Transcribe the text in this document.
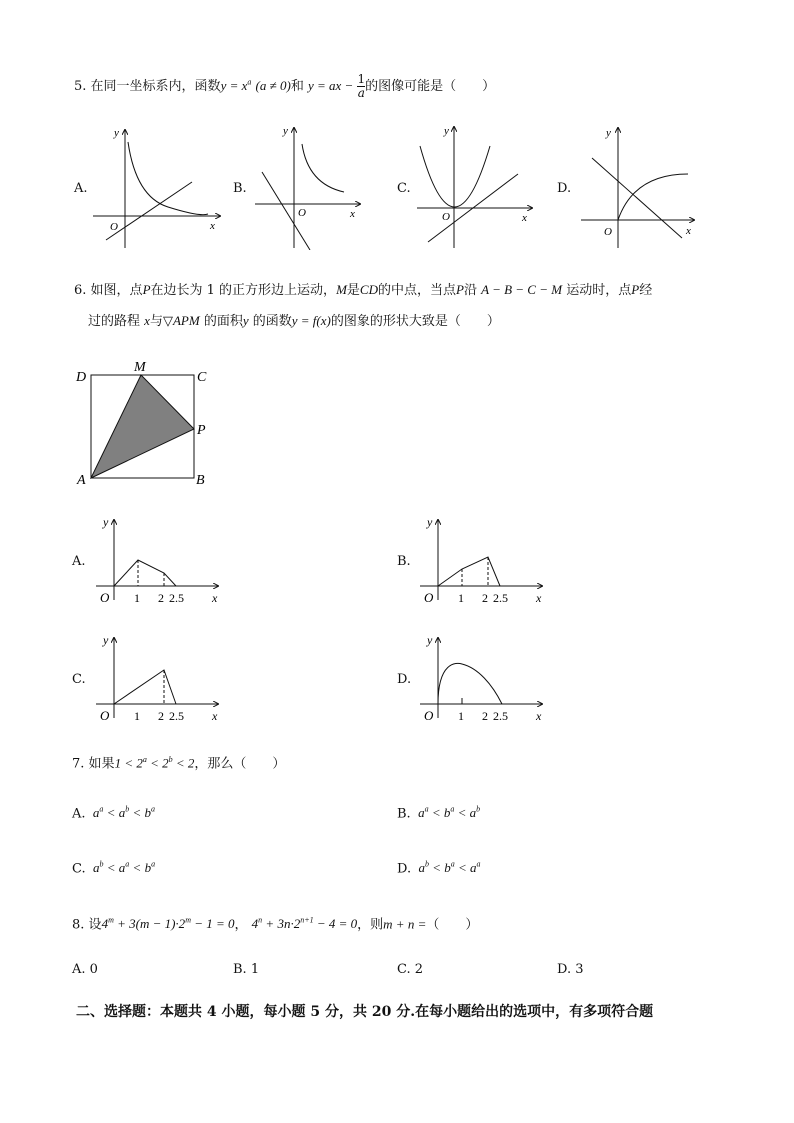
5. 在同一坐标系内，函数$y = x^a$ (a ≠ 0)和 y = ax − $\frac{1}{a}$ 的图像可能是（　　）
A.	B.	C.	D.
y
O	x
y
O	x
y
O	x
y
O	x
6. 如图，点P在边长为 1 的正方形边上运动，M是CD的中点，当点P沿 A − B − C − M 运动时，点P经
过的路程 x与▽APM 的面积y 的函数y = f(x)的图象的形状大致是（　　）
D
M
C
P
A	B
A.	B.
C.	D.
y
O 1 2 2.5 x
y
O 1 2 2.5 x
y
O 1 2 2.5 x
y
O 1 2 2.5 x
7. 如果$1 < 2^a < 2^b < 2$，那么（　　）
A.  $a^a < a^b < b^a$	B.  $a^a < b^a < a^b$
C.  $a^b < a^a < b^a$	D.  $a^b < b^a < a^a$
8. 设$4^m + 3(m - 1)\cdot 2^m - 1 = 0$， $4^n + 3n\cdot 2^{n+1} - 4 = 0$，则m + n =（　　）
A. 0	B. 1	C. 2	D. 3
二、选择题：本题共 4 小题，每小题 5 分，共 20 分.在每小题给出的选项中，有多项符合题
